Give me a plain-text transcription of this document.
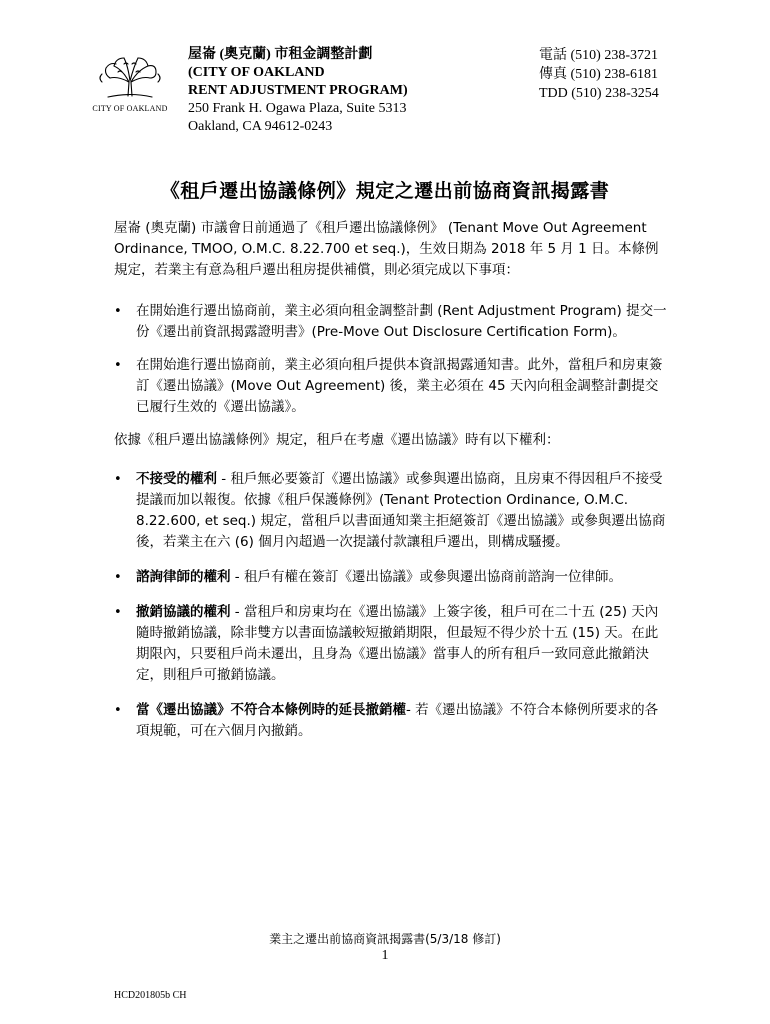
CITY OF OAKLAND
屋崙 (奧克蘭) 市租金調整計劃
(CITY OF OAKLAND
RENT ADJUSTMENT PROGRAM)
250 Frank H. Ogawa Plaza, Suite 5313
Oakland, CA 94612-0243
電話 (510) 238-3721
傳真 (510) 238-6181
TDD (510) 238-3254
《租戶遷出協議條例》規定之遷出前協商資訊揭露書

屋崙 (奧克蘭) 市議會日前通過了《租戶遷出協議條例》 (Tenant Move Out Agreement Ordinance, TMOO, O.M.C. 8.22.700 et seq.)，生效日期為 2018 年 5 月 1 日。本條例規定，若業主有意為租戶遷出租房提供補償，則必須完成以下事項：

• 在開始進行遷出協商前，業主必須向租金調整計劃 (Rent Adjustment Program) 提交一份《遷出前資訊揭露證明書》(Pre-Move Out Disclosure Certification Form)。
• 在開始進行遷出協商前，業主必須向租戶提供本資訊揭露通知書。此外，當租戶和房東簽訂《遷出協議》(Move Out Agreement) 後，業主必須在 45 天內向租金調整計劃提交已履行生效的《遷出協議》。

依據《租戶遷出協議條例》規定，租戶在考慮《遷出協議》時有以下權利：

• 不接受的權利 - 租戶無必要簽訂《遷出協議》或參與遷出協商，且房東不得因租戶不接受提議而加以報復。依據《租戶保護條例》(Tenant Protection Ordinance, O.M.C. 8.22.600, et seq.) 規定，當租戶以書面通知業主拒絕簽訂《遷出協議》或參與遷出協商後，若業主在六 (6) 個月內超過一次提議付款讓租戶遷出，則構成騷擾。
• 諮詢律師的權利 - 租戶有權在簽訂《遷出協議》或參與遷出協商前諮詢一位律師。
• 撤銷協議的權利 - 當租戶和房東均在《遷出協議》上簽字後，租戶可在二十五 (25) 天內隨時撤銷協議，除非雙方以書面協議較短撤銷期限，但最短不得少於十五 (15) 天。在此期限內，只要租戶尚未遷出，且身為《遷出協議》當事人的所有租戶一致同意此撤銷決定，則租戶可撤銷協議。
• 當《遷出協議》不符合本條例時的延長撤銷權- 若《遷出協議》不符合本條例所要求的各項規範，可在六個月內撤銷。
業主之遷出前協商資訊揭露書(5/3/18 修訂)
1
HCD201805b CH
